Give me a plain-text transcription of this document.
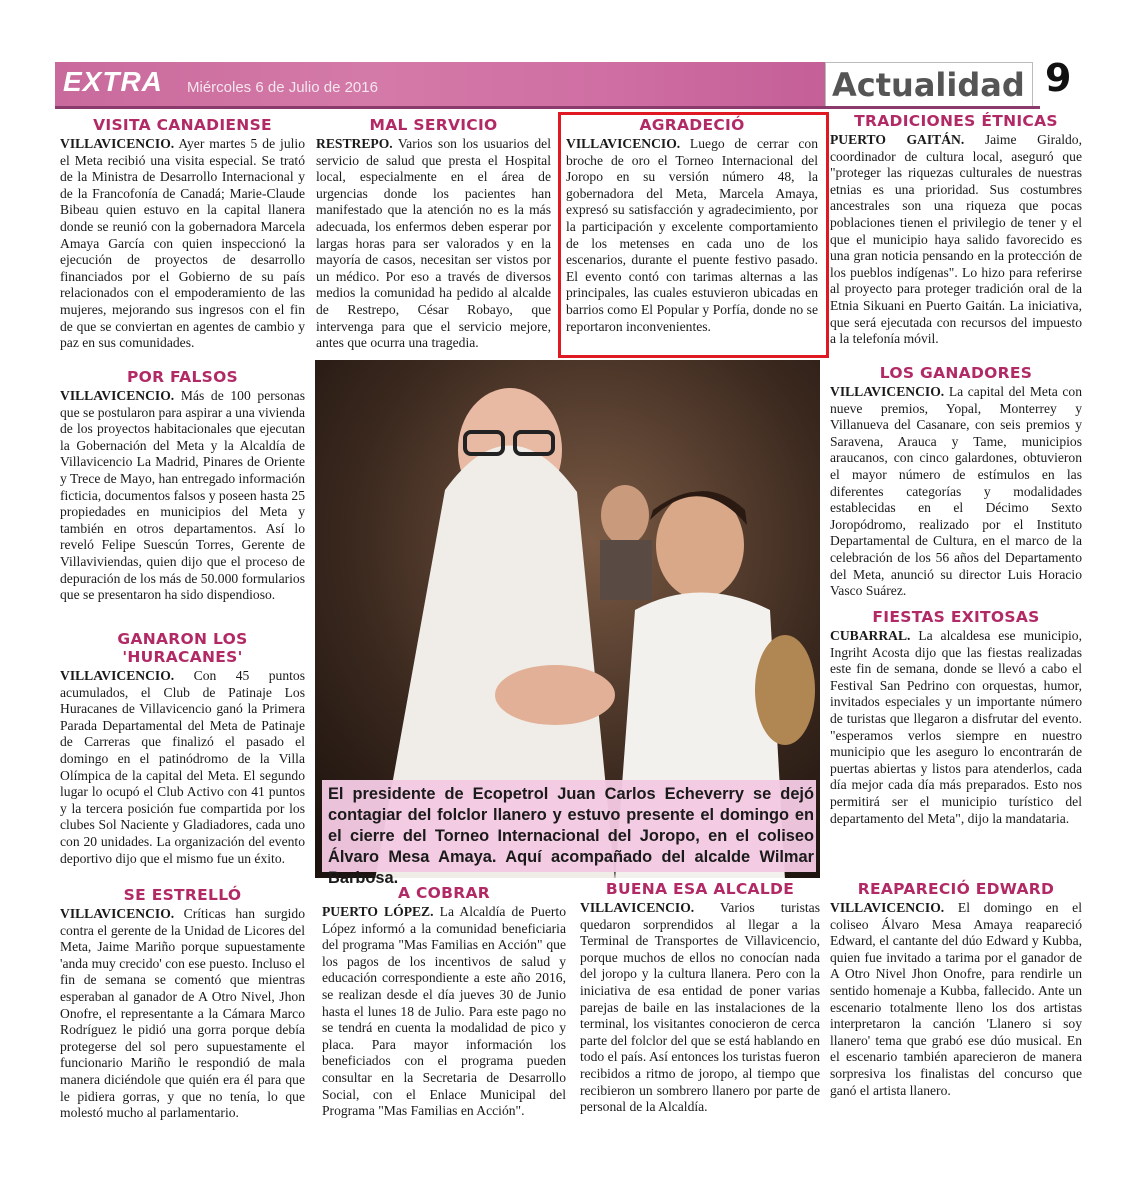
EXTRA Miércoles 6 de Julio de 2016	Actualidad 9
VISITA CANADIENSE
VILLAVICENCIO. Ayer martes 5 de julio el Meta recibió una visita especial. Se trató de la Ministra de Desarrollo Internacional y de la Francofonía de Canadá; Marie-Claude Bibeau quien estuvo en la capital llanera donde se reunió con la gobernadora Marcela Amaya García con quien inspeccionó la ejecución de proyectos de desarrollo financiados por el Gobierno de su país relacionados con el empoderamiento de las mujeres, mejorando sus ingresos con el fin de que se conviertan en agentes de cambio y paz en sus comunidades.
POR FALSOS
VILLAVICENCIO. Más de 100 personas que se postularon para aspirar a una vivienda de los proyectos habitacionales que ejecutan la Gobernación del Meta y la Alcaldía de Villavicencio La Madrid, Pinares de Oriente y Trece de Mayo, han entregado información ficticia, documentos falsos y poseen hasta 25 propiedades en municipios del Meta y también en otros departamentos. Así lo reveló Felipe Suescún Torres, Gerente de Villaviviendas, quien dijo que el proceso de depuración de los más de 50.000 formularios que se presentaron ha sido dispendioso.
GANARON LOS 'HURACANES'
VILLAVICENCIO. Con 45 puntos acumulados, el Club de Patinaje Los Huracanes de Villavicencio ganó la Primera Parada Departamental del Meta de Patinaje de Carreras que finalizó el pasado el domingo en el patinódromo de la Villa Olímpica de la capital del Meta. El segundo lugar lo ocupó el Club Activo con 41 puntos y la tercera posición fue compartida por los clubes Sol Naciente y Gladiadores, cada uno con 20 unidades. La organización del evento deportivo dijo que el mismo fue un éxito.
SE ESTRELLÓ
VILLAVICENCIO. Críticas han surgido contra el gerente de la Unidad de Licores del Meta, Jaime Mariño porque supuestamente 'anda muy crecido' con ese puesto. Incluso el fin de semana se comentó que mientras esperaban al ganador de A Otro Nivel, Jhon Onofre, el representante a la Cámara Marco Rodríguez le pidió una gorra porque debía protegerse del sol pero supuestamente el funcionario Mariño le respondió de mala manera diciéndole que quién era él para que le pidiera gorras, y que no tenía, lo que molestó mucho al parlamentario.
MAL SERVICIO
RESTREPO. Varios son los usuarios del servicio de salud que presta el Hospital local, especialmente en el área de urgencias donde los pacientes han manifestado que la atención no es la más adecuada, los enfermos deben esperar por largas horas para ser valorados y en la mayoría de casos, necesitan ser vistos por un médico. Por eso a través de diversos medios la comunidad ha pedido al alcalde de Restrepo, César Robayo, que intervenga para que el servicio mejore, antes que ocurra una tragedia.
AGRADECIÓ
VILLAVICENCIO. Luego de cerrar con broche de oro el Torneo Internacional del Joropo en su versión número 48, la gobernadora del Meta, Marcela Amaya, expresó su satisfacción y agradecimiento, por la participación y excelente comportamiento de los metenses en cada uno de los escenarios, durante el puente festivo pasado. El evento contó con tarimas alternas a las principales, las cuales estuvieron ubicadas en barrios como El Popular y Porfía, donde no se reportaron inconvenientes.
TRADICIONES ÉTNICAS
PUERTO GAITÁN. Jaime Giraldo, coordinador de cultura local, aseguró que "proteger las riquezas culturales de nuestras etnias es una prioridad. Sus costumbres ancestrales son una riqueza que pocas poblaciones tienen el privilegio de tener y el que el municipio haya salido favorecido es una gran noticia pensando en la protección de los pueblos indígenas". Lo hizo para referirse al proyecto para proteger tradición oral de la Etnia Sikuani en Puerto Gaitán. La iniciativa, que será ejecutada con recursos del impuesto a la telefonía móvil.
LOS GANADORES
VILLAVICENCIO. La capital del Meta con nueve premios, Yopal, Monterrey y Villanueva del Casanare, con seis premios y Saravena, Arauca y Tame, municipios araucanos, con cinco galardones, obtuvieron el mayor número de estímulos en las diferentes categorías y modalidades establecidas en el Décimo Sexto Joropódromo, realizado por el Instituto Departamental de Cultura, en el marco de la celebración de los 56 años del Departamento del Meta, anunció su director Luis Horacio Vasco Suárez.
FIESTAS EXITOSAS
CUBARRAL. La alcaldesa ese municipio, Ingriht Acosta dijo que las fiestas realizadas este fin de semana, donde se llevó a cabo el Festival San Pedrino con orquestas, humor, invitados especiales y un importante número de turistas que llegaron a disfrutar del evento. "esperamos verlos siempre en nuestro municipio que les aseguro lo encontrarán de puertas abiertas y listos para atenderlos, cada día mejor cada día más preparados. Esto nos permitirá ser el municipio turístico del departamento del Meta", dijo la mandataria.
El presidente de Ecopetrol Juan Carlos Echeverry se dejó contagiar del folclor llanero y estuvo presente el domingo en el cierre del Torneo Internacional del Joropo, en el coliseo Álvaro Mesa Amaya. Aquí acompañado del alcalde Wilmar Barbosa.
A COBRAR
PUERTO LÓPEZ. La Alcaldía de Puerto López informó a la comunidad beneficiaria del programa "Mas Familias en Acción" que los pagos de los incentivos de salud y educación correspondiente a este año 2016, se realizan desde el día jueves 30 de Junio hasta el lunes 18 de Julio. Para este pago no se tendrá en cuenta la modalidad de pico y placa. Para mayor información los beneficiados con el programa pueden consultar en la Secretaria de Desarrollo Social, con el Enlace Municipal del Programa "Mas Familias en Acción".
BUENA ESA ALCALDE
VILLAVICENCIO. Varios turistas quedaron sorprendidos al llegar a la Terminal de Transportes de Villavicencio, porque muchos de ellos no conocían nada del joropo y la cultura llanera. Pero con la iniciativa de esa entidad de poner varias parejas de baile en las instalaciones de la terminal, los visitantes conocieron de cerca parte del folclor del que se está hablando en todo el país. Así entonces los turistas fueron recibidos a ritmo de joropo, al tiempo que recibieron un sombrero llanero por parte de personal de la Alcaldía.
REAPARECIÓ EDWARD
VILLAVICENCIO. El domingo en el coliseo Álvaro Mesa Amaya reapareció Edward, el cantante del dúo Edward y Kubba, quien fue invitado a tarima por el ganador de A Otro Nivel Jhon Onofre, para rendirle un sentido homenaje a Kubba, fallecido. Ante un escenario totalmente lleno los dos artistas interpretaron la canción 'Llanero si soy llanero' tema que grabó ese dúo musical. En el escenario también aparecieron de manera sorpresiva los finalistas del concurso que ganó el artista llanero.
